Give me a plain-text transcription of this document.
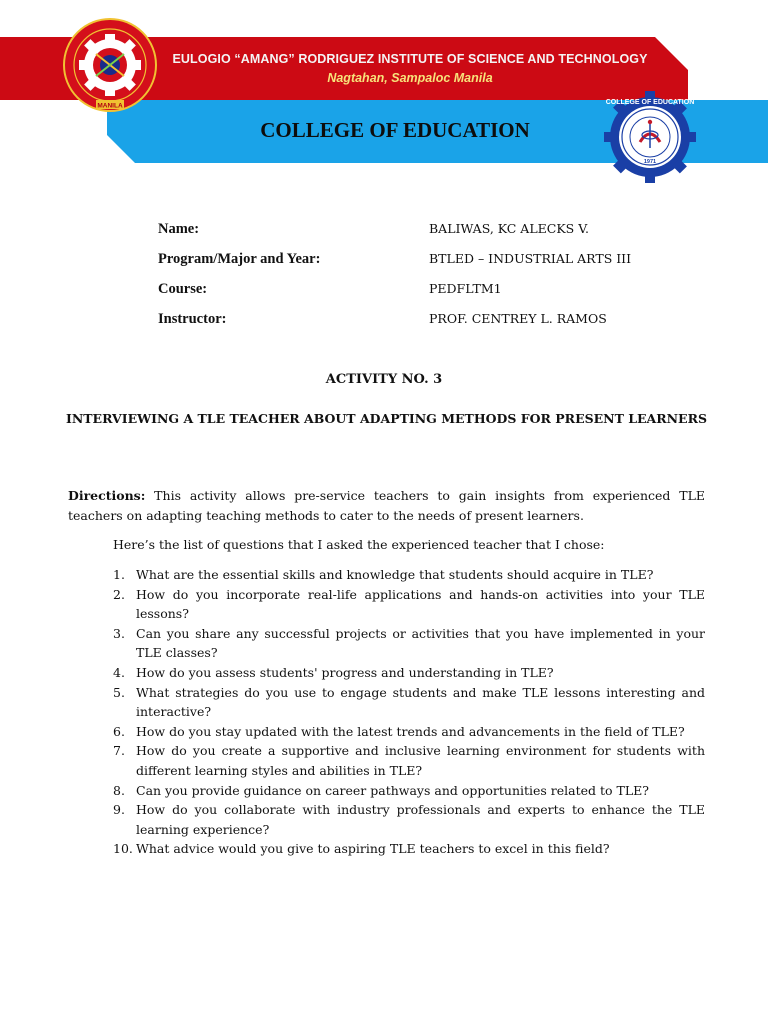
EULOGIO “AMANG” RODRIGUEZ INSTITUTE OF SCIENCE AND TECHNOLOGY
Nagtahan, Sampaloc Manila
COLLEGE OF EDUCATION
MANILA	COLLEGE OF EDUCATION
1971
Name:	BALIWAS, KC ALECKS V.
Program/Major and Year:	BTLED – INDUSTRIAL ARTS III
Course:	PEDFLTM1
Instructor:	PROF. CENTREY L. RAMOS
ACTIVITY NO. 3
INTERVIEWING A TLE TEACHER ABOUT ADAPTING METHODS FOR PRESENT LEARNERS
Directions: This activity allows pre-service teachers to gain insights from experienced TLE teachers on adapting teaching methods to cater to the needs of present learners.
Here’s the list of questions that I asked the experienced teacher that I chose:
1. What are the essential skills and knowledge that students should acquire in TLE?
2. How do you incorporate real-life applications and hands-on activities into your TLE lessons?
3. Can you share any successful projects or activities that you have implemented in your TLE classes?
4. How do you assess students' progress and understanding in TLE?
5. What strategies do you use to engage students and make TLE lessons interesting and interactive?
6. How do you stay updated with the latest trends and advancements in the field of TLE?
7. How do you create a supportive and inclusive learning environment for students with different learning styles and abilities in TLE?
8. Can you provide guidance on career pathways and opportunities related to TLE?
9. How do you collaborate with industry professionals and experts to enhance the TLE learning experience?
10. What advice would you give to aspiring TLE teachers to excel in this field?
